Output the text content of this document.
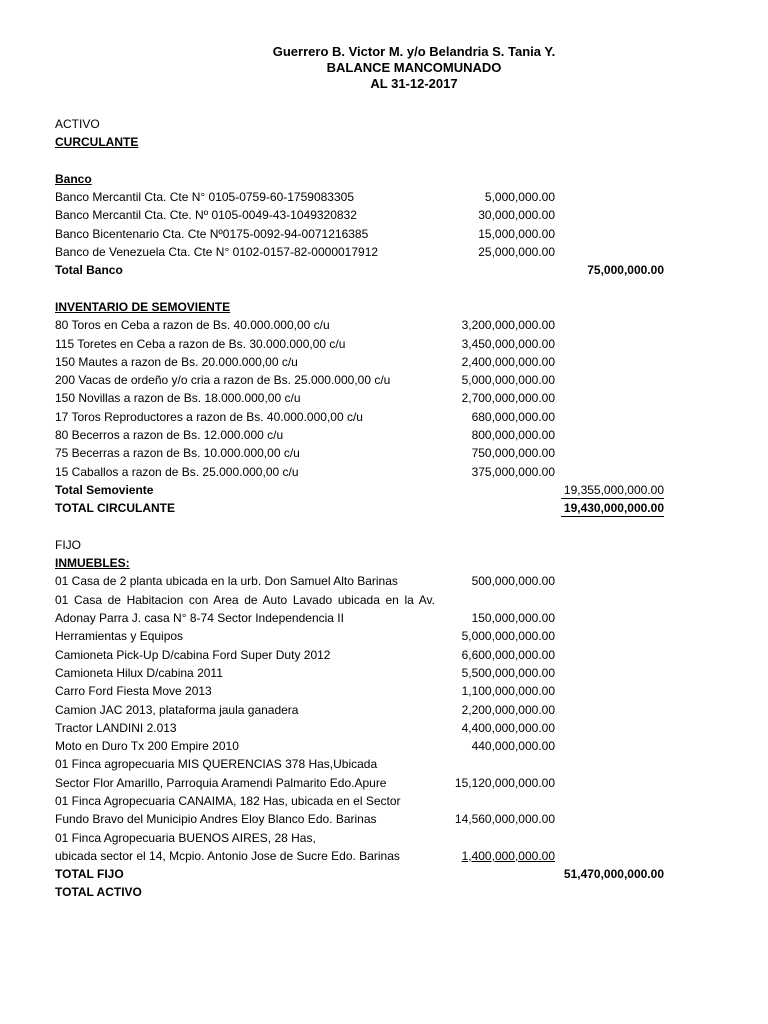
Guerrero B. Victor M. y/o Belandria S. Tania Y.
BALANCE MANCOMUNADO
AL 31-12-2017
ACTIVO
CURCULANTE
Banco
Banco Mercantil Cta. Cte N° 0105-0759-60-1759083305	5,000,000.00
Banco Mercantil Cta. Cte. Nº 0105-0049-43-1049320832	30,000,000.00
Banco Bicentenario Cta. Cte Nº0175-0092-94-0071216385	15,000,000.00
Banco de Venezuela Cta. Cte N° 0102-0157-82-0000017912	25,000,000.00
Total Banco	75,000,000.00
INVENTARIO DE SEMOVIENTE
80 Toros en Ceba a razon de Bs. 40.000.000,00 c/u	3,200,000,000.00
115 Toretes en Ceba a razon de Bs. 30.000.000,00 c/u	3,450,000,000.00
150 Mautes a razon de Bs. 20.000.000,00 c/u	2,400,000,000.00
200 Vacas de ordeño y/o cria a razon de Bs. 25.000.000,00 c/u	5,000,000,000.00
150 Novillas a razon de Bs. 18.000.000,00 c/u	2,700,000,000.00
17 Toros Reproductores a razon de Bs. 40.000.000,00 c/u	680,000,000.00
80 Becerros a razon de Bs. 12.000.000 c/u	800,000,000.00
75 Becerras a razon de Bs. 10.000.000,00 c/u	750,000,000.00
15 Caballos a razon de Bs. 25.000.000,00 c/u	375,000,000.00
Total Semoviente	19,355,000,000.00
TOTAL CIRCULANTE	19,430,000,000.00
FIJO
INMUEBLES:
01 Casa de 2 planta ubicada en la urb. Don Samuel Alto Barinas	500,000,000.00
01 Casa de Habitacion con Area de Auto Lavado ubicada en la Av.
Adonay Parra J. casa N° 8-74 Sector Independencia II	150,000,000.00
Herramientas y Equipos	5,000,000,000.00
Camioneta Pick-Up D/cabina Ford Super Duty 2012	6,600,000,000.00
Camioneta Hilux D/cabina 2011	5,500,000,000.00
Carro Ford Fiesta Move 2013	1,100,000,000.00
Camion JAC 2013, plataforma jaula ganadera	2,200,000,000.00
Tractor LANDINI 2.013	4,400,000,000.00
Moto en Duro Tx 200 Empire 2010	440,000,000.00
01 Finca agropecuaria MIS QUERENCIAS 378 Has,Ubicada
Sector Flor Amarillo, Parroquia Aramendi Palmarito Edo.Apure	15,120,000,000.00
01 Finca Agropecuaria CANAIMA, 182 Has, ubicada en el Sector
Fundo Bravo del Municipio Andres Eloy Blanco Edo. Barinas	14,560,000,000.00
01 Finca Agropecuaria BUENOS AIRES, 28 Has,
ubicada sector el 14, Mcpio. Antonio Jose de Sucre Edo. Barinas	1,400,000,000.00
TOTAL FIJO	51,470,000,000.00
TOTAL ACTIVO
